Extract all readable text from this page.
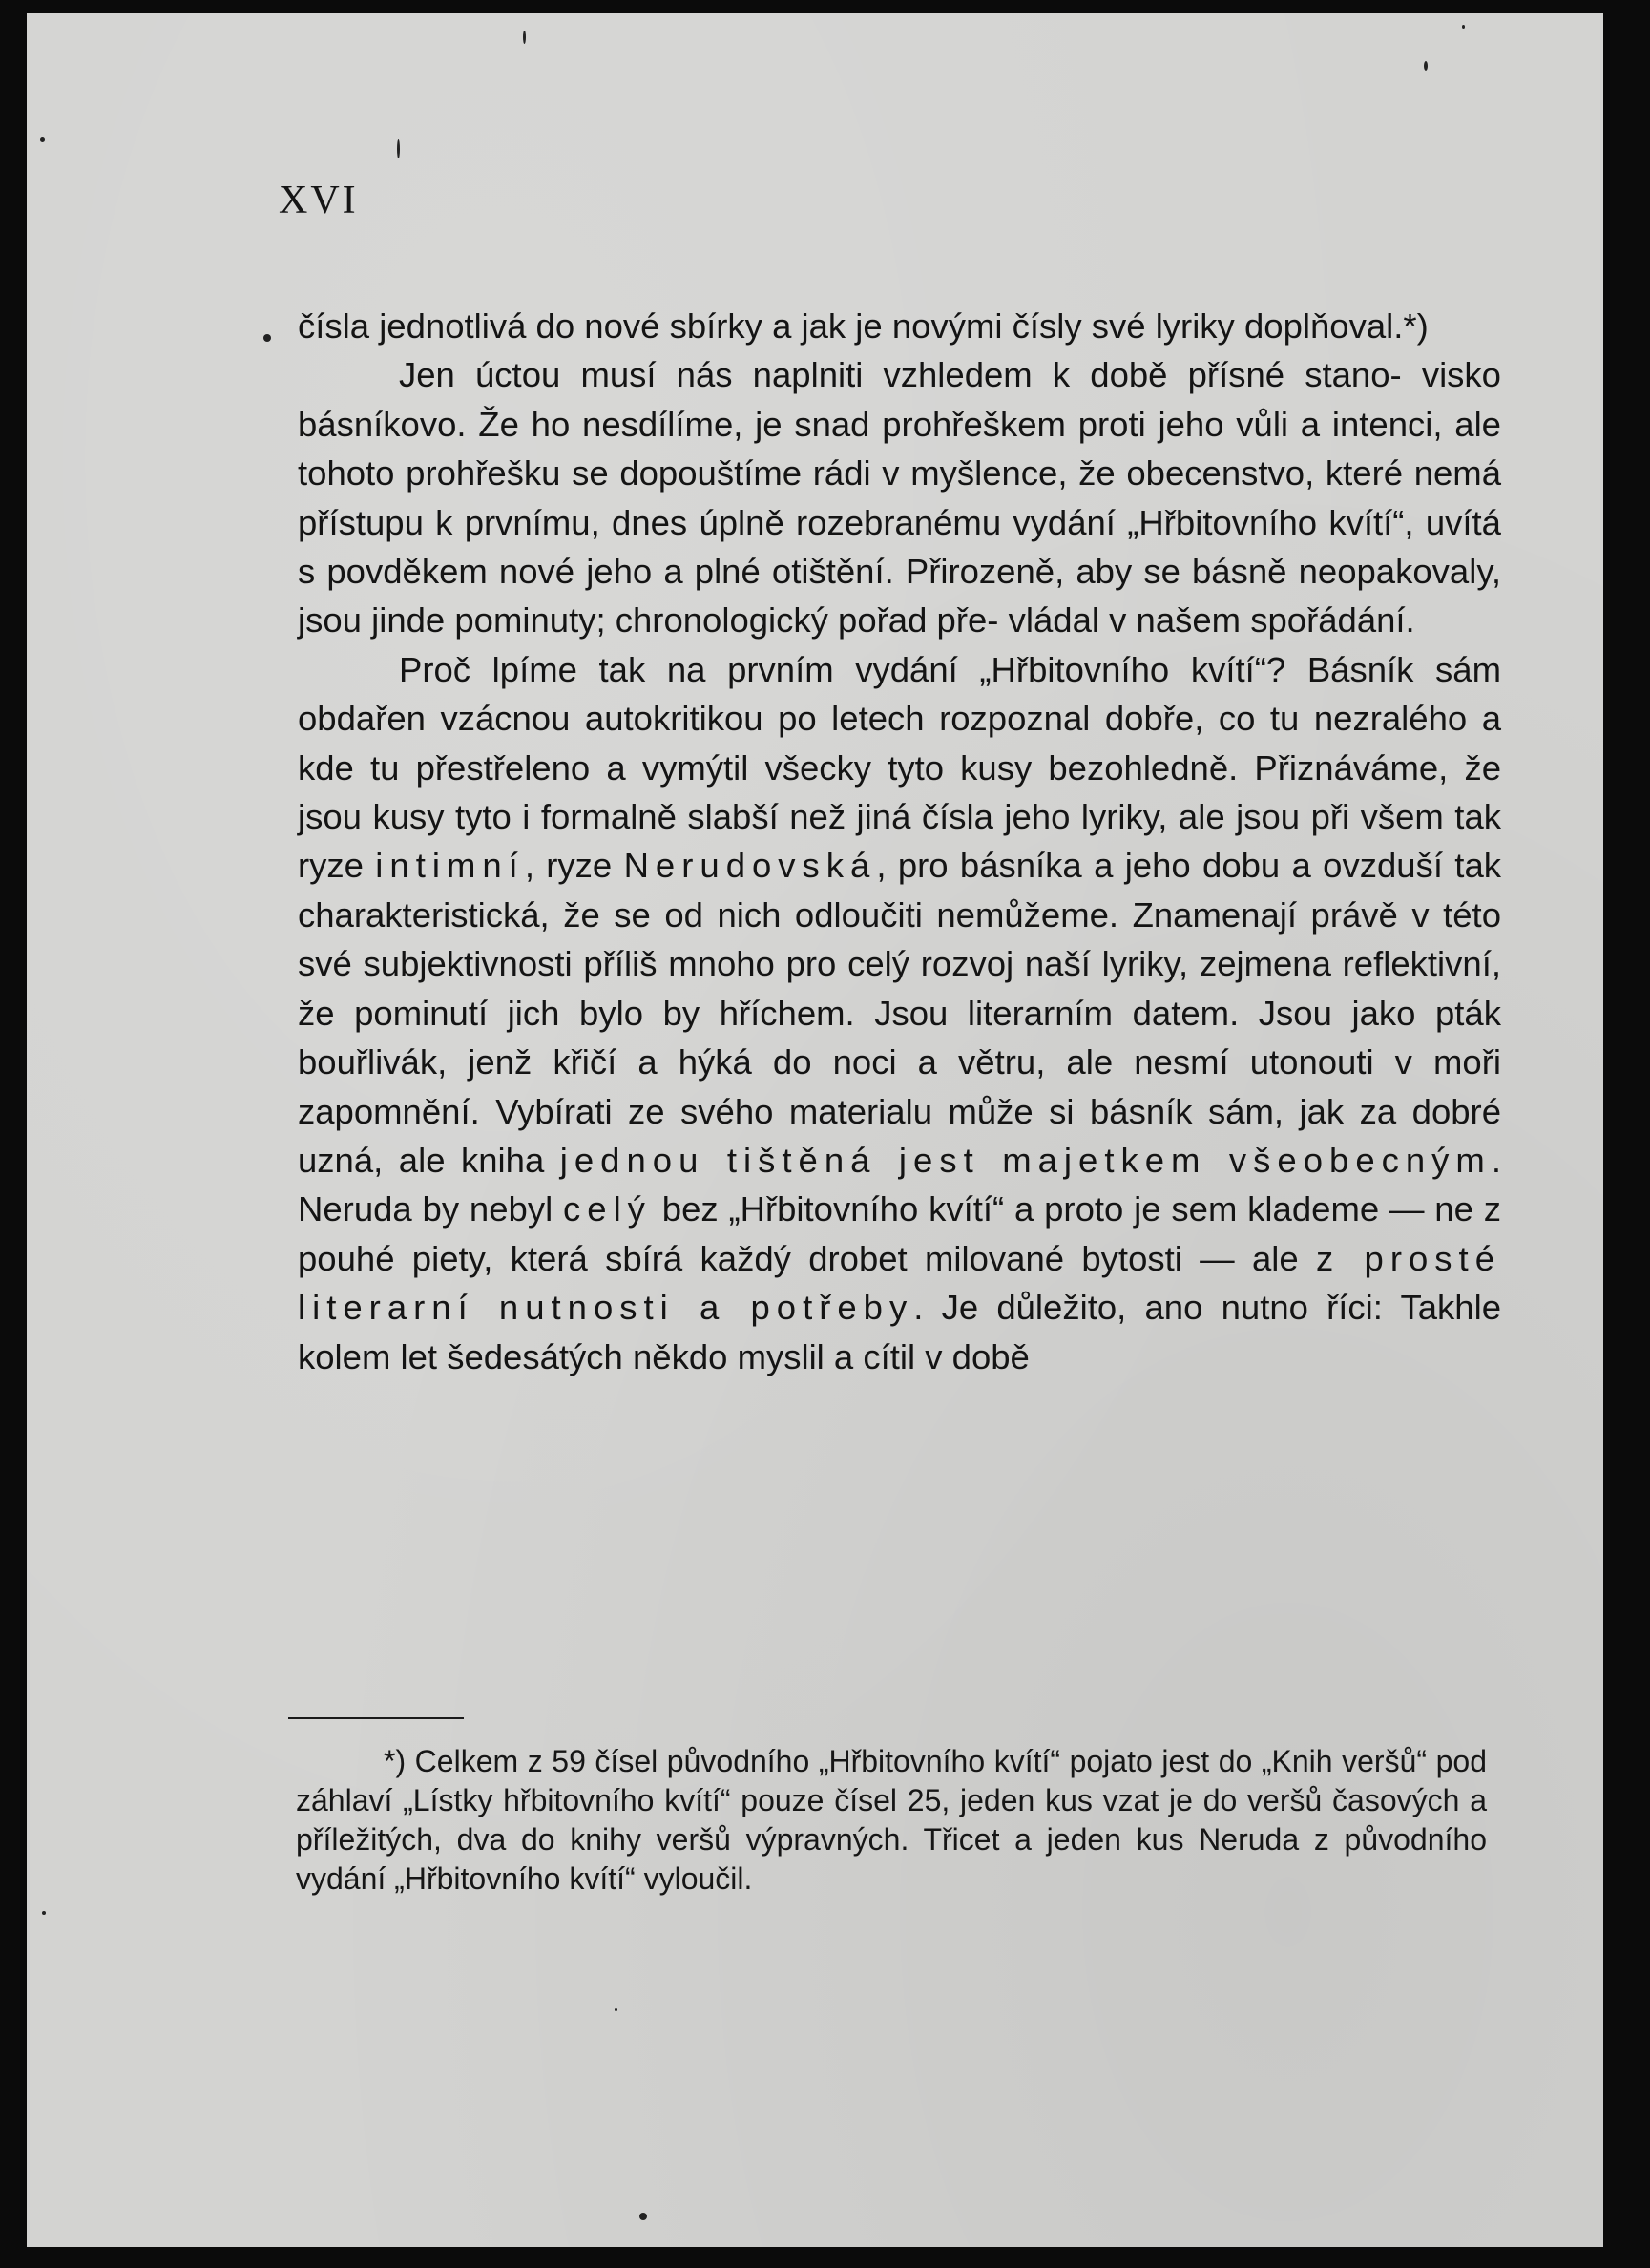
XVI

čísla jednotlivá do nové sbírky a jak je novými čísly své lyriky doplňoval.*)

Jen úctou musí nás naplniti vzhledem k době přísné stano- visko básníkovo. Že ho nesdílíme, je snad prohřeškem proti jeho vůli a intenci, ale tohoto prohřešku se dopouštíme rádi v myšlence, že obecenstvo, které nemá přístupu k prvnímu, dnes úplně rozebranému vydání „Hřbitovního kvítí“, uvítá s povděkem nové jeho a plné otištění. Přirozeně, aby se básně neopakovaly, jsou jinde pominuty; chronologický pořad pře- vládal v našem spořádání.

Proč lpíme tak na prvním vydání „Hřbitovního kvítí“? Básník sám obdařen vzácnou autokritikou po letech rozpoznal dobře, co tu nezralého a kde tu přestřeleno a vymýtil všecky tyto kusy bezohledně. Přiznáváme, že jsou kusy tyto i formalně slabší než jiná čísla jeho lyriky, ale jsou při všem tak ryze intimní, ryze Nerudovská, pro básníka a jeho dobu a ovzduší tak charakteristická, že se od nich odloučiti nemůžeme. Znamenají právě v této své subjektivnosti příliš mnoho pro celý rozvoj naší lyriky, zejmena reflektivní, že pominutí jich bylo by hříchem. Jsou literarním datem. Jsou jako pták bouřlivák, jenž křičí a hýká do noci a větru, ale nesmí utonouti v moři zapomnění. Vybírati ze svého materialu může si básník sám, jak za dobré uzná, ale kniha jednou tištěná jest majetkem všeobecným. Neruda by nebyl celý bez „Hřbitovního kvítí“ a proto je sem klademe — ne z pouhé piety, která sbírá každý drobet milované bytosti — ale z prosté literarní nutnosti a potřeby. Je důležito, ano nutno říci: Takhle kolem let šedesátých někdo myslil a cítil v době

*) Celkem z 59 čísel původního „Hřbitovního kvítí“ pojato jest do „Knih veršů“ pod záhlaví „Lístky hřbitovního kvítí“ pouze čísel 25, jeden kus vzat je do veršů časových a příležitých, dva do knihy veršů výpravných. Třicet a jeden kus Neruda z původního vydání „Hřbitovního kvítí“ vyloučil.
